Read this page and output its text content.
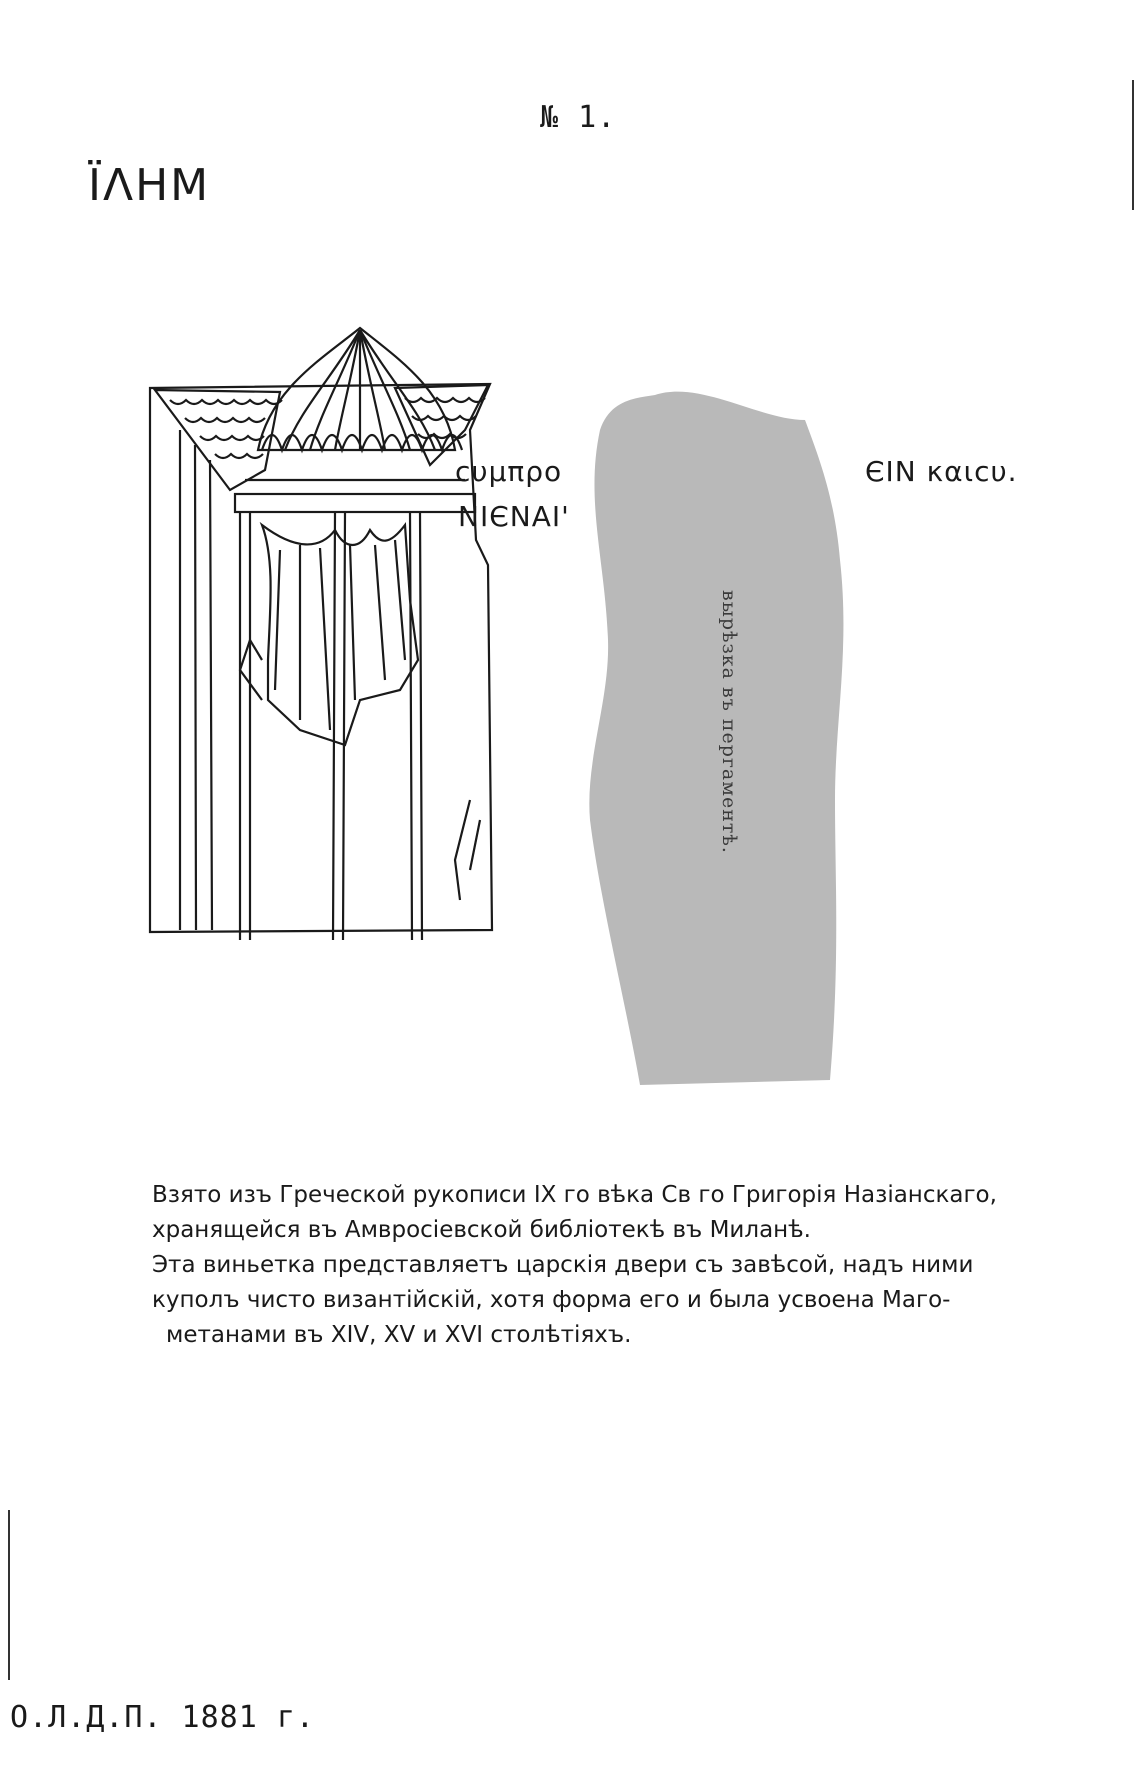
№ 1.
ΪΛΗΜ
ϲυμπρο
ΝΙЄΝΑΙ'
ЄΙΝ καιϲυ.
вырѣзка въ пергаментѣ.

Взято изъ Греческой рукописи IX го вѣка Св го Григорія Назіанскаго,

хранящейся въ Амвросіевской библіотекѣ въ Миланѣ.

Эта виньетка представляетъ царскія двери съ завѣсой, надъ ними

куполъ чисто византійскій, хотя форма его и была усвоена Маго-

метанами въ XIV, XV и XVI столѣтіяхъ.

О.Л.Д.П. 1881 г.
